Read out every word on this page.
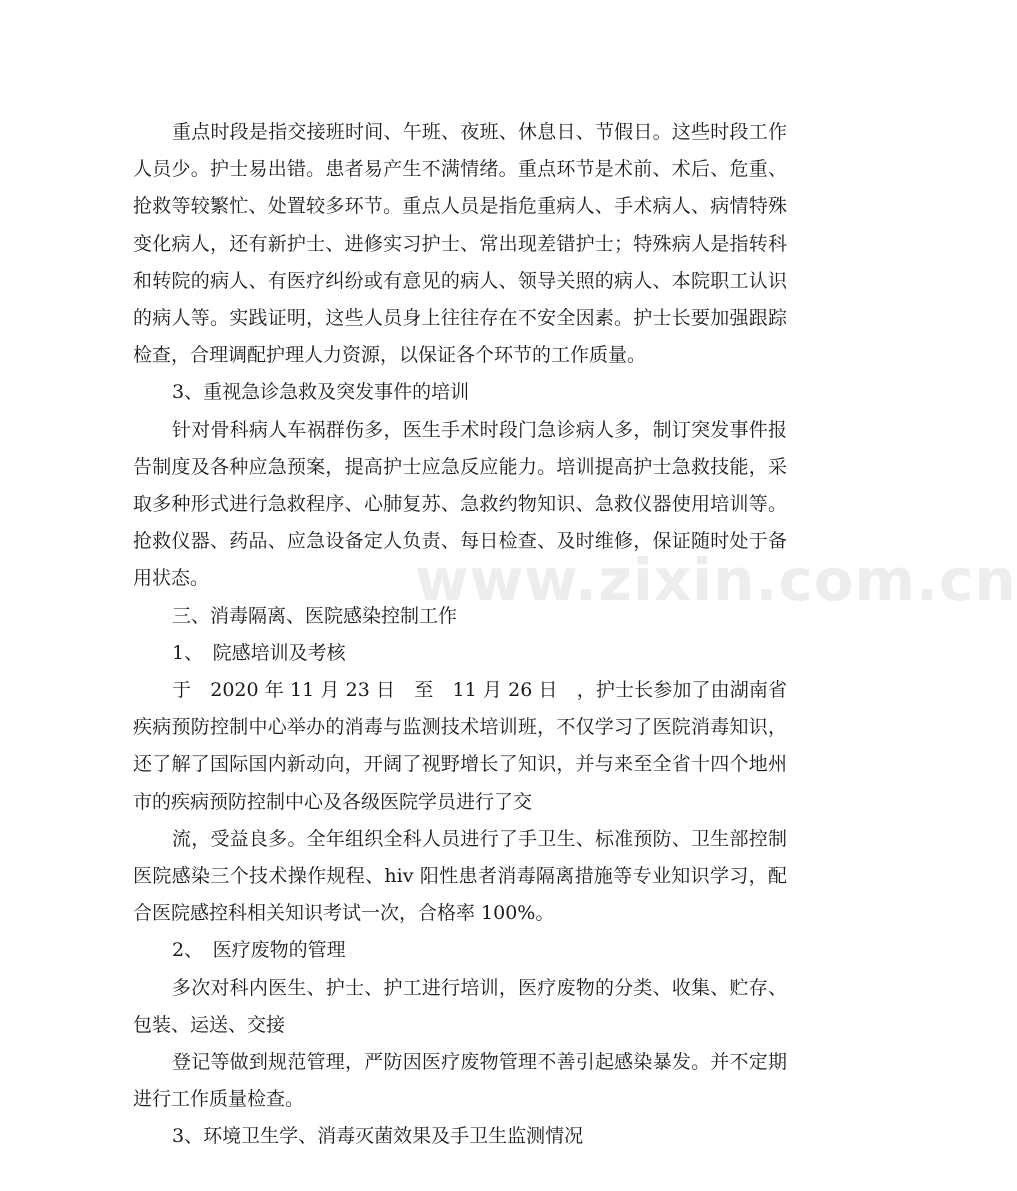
重点时段是指交接班时间、午班、夜班、休息日、节假日。这些时段工作人员少。护士易出错。患者易产生不满情绪。重点环节是术前、术后、危重、抢救等较繁忙、处置较多环节。重点人员是指危重病人、手术病人、病情特殊变化病人，还有新护士、进修实习护士、常出现差错护士；特殊病人是指转科和转院的病人、有医疗纠纷或有意见的病人、领导关照的病人、本院职工认识的病人等。实践证明，这些人员身上往往存在不安全因素。护士长要加强跟踪检查，合理调配护理人力资源，以保证各个环节的工作质量。

3、重视急诊急救及突发事件的培训

针对骨科病人车祸群伤多，医生手术时段门急诊病人多，制订突发事件报告制度及各种应急预案，提高护士应急反应能力。培训提高护士急救技能，采取多种形式进行急救程序、心肺复苏、急救约物知识、急救仪器使用培训等。抢救仪器、药品、应急设备定人负责、每日检查、及时维修，保证随时处于备用状态。

三、消毒隔离、医院感染控制工作

1、　院感培训及考核

于　2020 年 11 月 23 日　至　11 月 26 日　，护士长参加了由湖南省疾病预防控制中心举办的消毒与监测技术培训班，不仅学习了医院消毒知识，还了解了国际国内新动向，开阔了视野增长了知识，并与来至全省十四个地州市的疾病预防控制中心及各级医院学员进行了交

流，受益良多。全年组织全科人员进行了手卫生、标准预防、卫生部控制医院感染三个技术操作规程、hiv 阳性患者消毒隔离措施等专业知识学习，配合医院感控科相关知识考试一次，合格率 100%。

2、　医疗废物的管理

多次对科内医生、护士、护工进行培训，医疗废物的分类、收集、贮存、包装、运送、交接

登记等做到规范管理，严防因医疗废物管理不善引起感染暴发。并不定期进行工作质量检查。

3、环境卫生学、消毒灭菌效果及手卫生监测情况

www.zixin.com.cn
